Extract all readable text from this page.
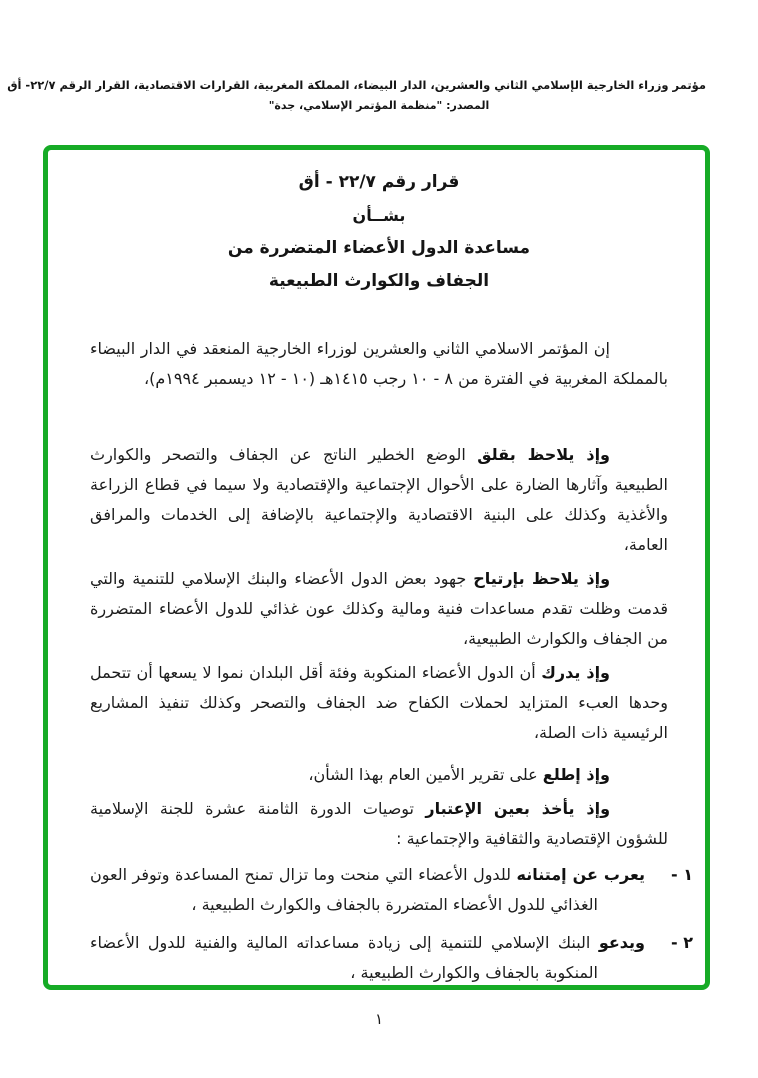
مؤتمر وزراء الخارجية الإسلامي الثاني والعشرين، الدار البيضاء، المملكة المغربية، القرارات الاقتصادية، القرار الرقم ٢٢/٧- أق
المصدر: "منظمة المؤتمر الإسلامي، جدة"
قرار رقم ٢٢/٧ - أق
بشــأن
مساعدة الدول الأعضاء المتضررة من
الجفاف والكوارث الطبيعية

إن المؤتمر الاسلامي الثاني والعشرين لوزراء الخارجية المنعقد في الدار البيضاء بالمملكة المغربية في الفترة من ٨ - ١٠ رجب ١٤١٥هـ (١٠ - ١٢ ديسمبر ١٩٩٤م)،

وإذ يلاحظ بقلق الوضع الخطير الناتج عن الجفاف والتصحر والكوارث الطبيعية وآثارها الضارة على الأحوال الإجتماعية والإقتصادية ولا سيما في قطاع الزراعة والأغذية وكذلك على البنية الاقتصادية والإجتماعية بالإضافة إلى الخدمات والمرافق العامة،

وإذ يلاحظ بإرتياح جهود بعض الدول الأعضاء والبنك الإسلامي للتنمية والتي قدمت وظلت تقدم مساعدات فنية ومالية وكذلك عون غذائي للدول الأعضاء المتضررة من الجفاف والكوارث الطبيعية،

وإذ يدرك أن الدول الأعضاء المنكوبة وفئة أقل البلدان نموا لا يسعها أن تتحمل وحدها العبء المتزايد لحملات الكفاح ضد الجفاف والتصحر وكذلك تنفيذ المشاريع الرئيسية ذات الصلة،

وإذ إطلع على تقرير الأمين العام بهذا الشأن،

وإذ يأخذ بعين الإعتبار توصيات الدورة الثامنة عشرة للجنة الإسلامية للشؤون الإقتصادية والثقافية والإجتماعية :

١ -

يعرب عن إمتنانه للدول الأعضاء التي منحت وما تزال تمنح المساعدة وتوفر العون الغذائي للدول الأعضاء المتضررة بالجفاف والكوارث الطبيعية ،

٢ -

ويدعو البنك الإسلامي للتنمية إلى زيادة مساعداته المالية والفنية للدول الأعضاء المنكوبة بالجفاف والكوارث الطبيعية ،

١
